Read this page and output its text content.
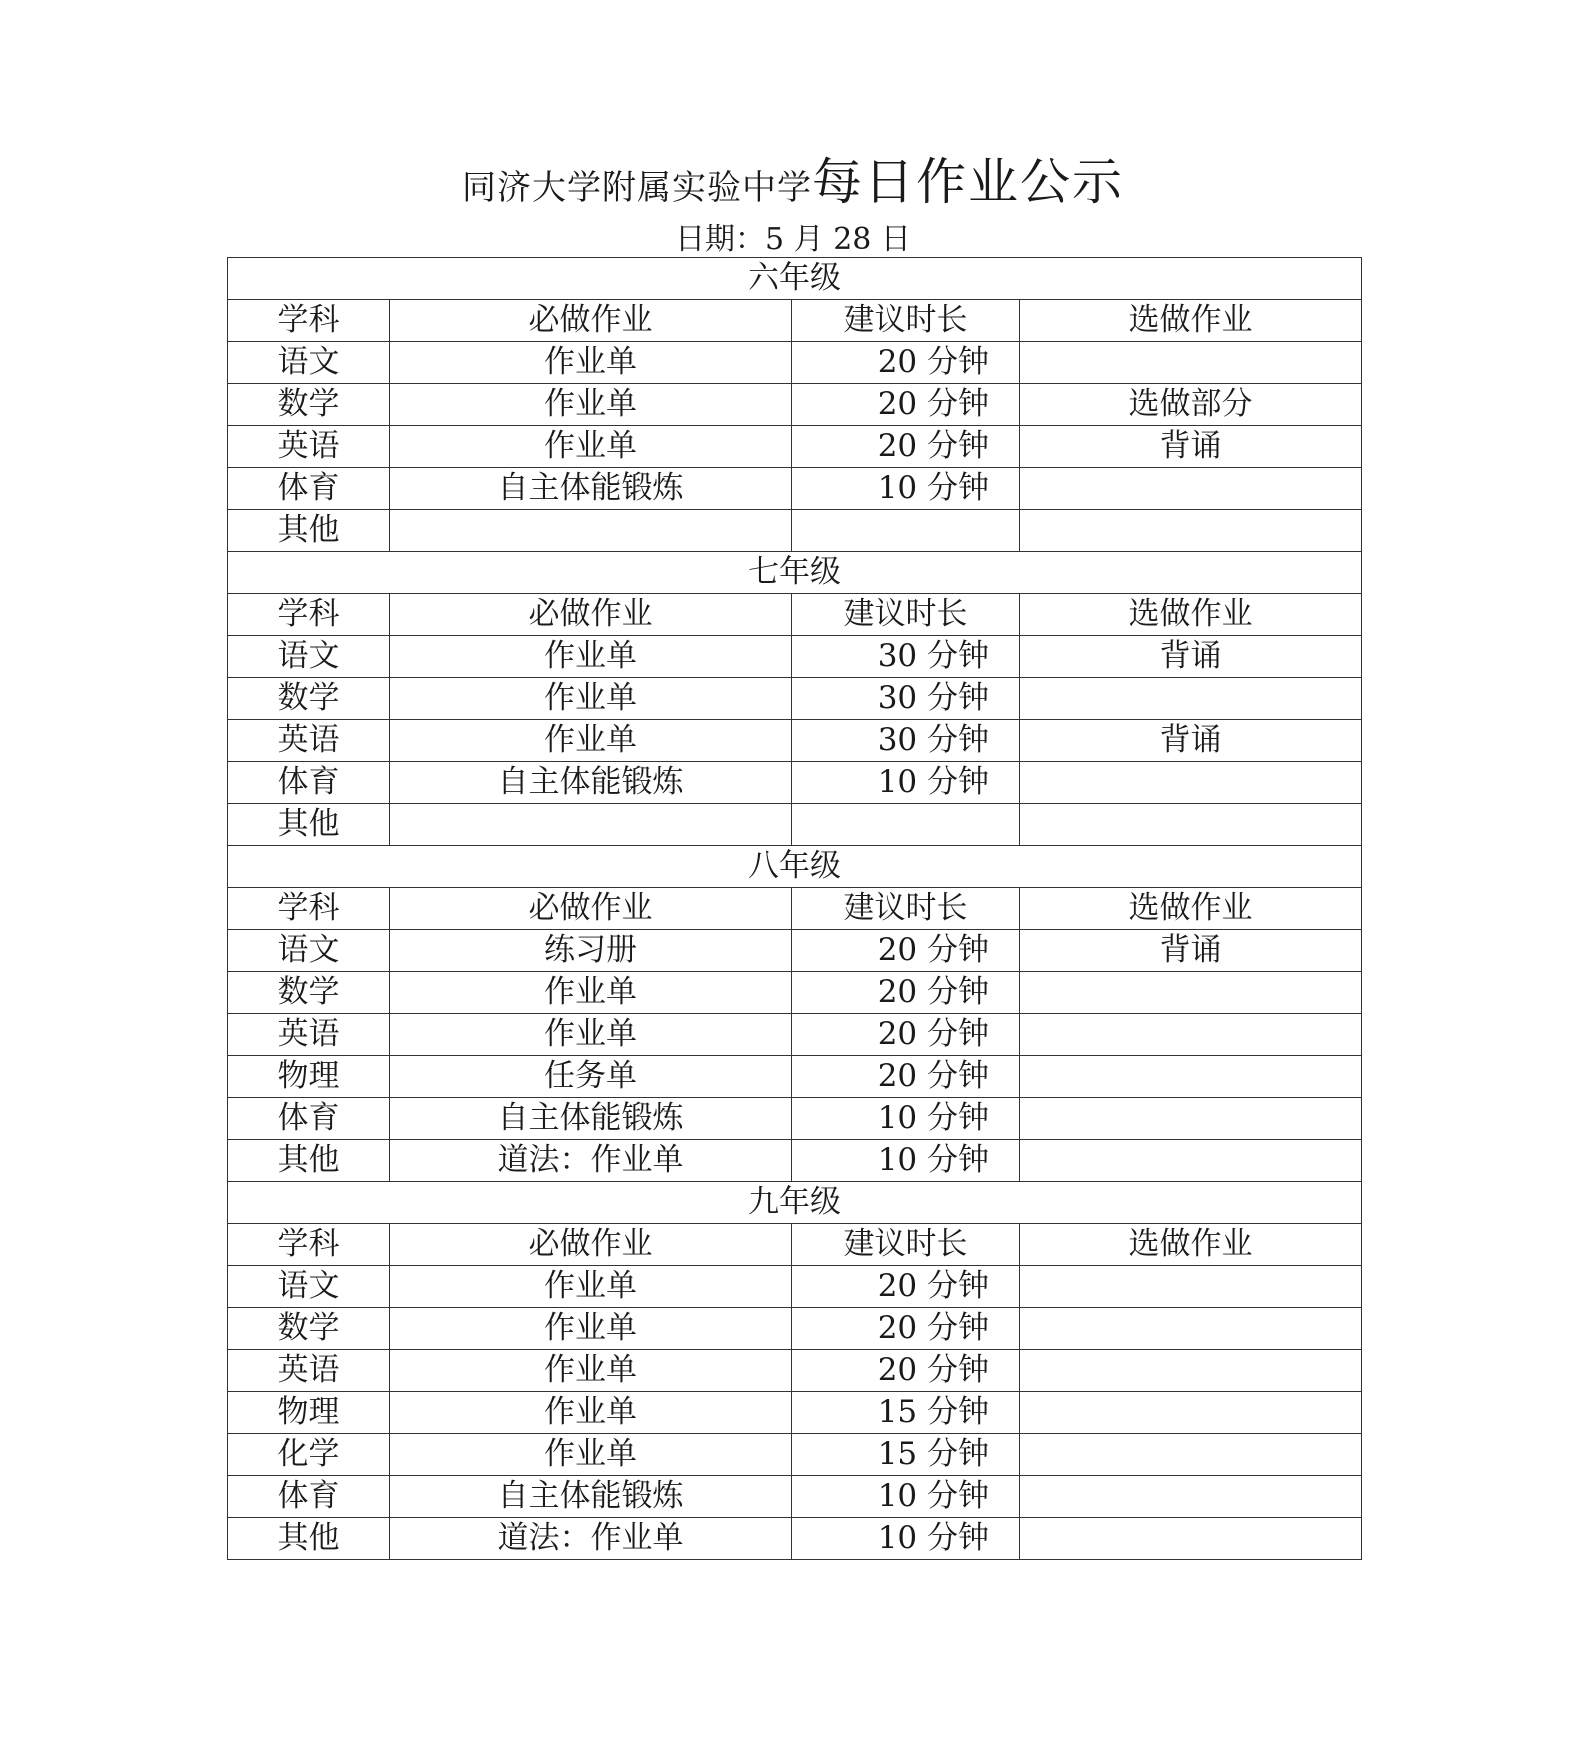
同济大学附属实验中学每日作业公示
日期：5 月 28 日
六年级			
学科	必做作业	建议时长	选做作业
语文	作业单	20 分钟	
数学	作业单	20 分钟	选做部分
英语	作业单	20 分钟	背诵
体育	自主体能锻炼	10 分钟	
其他			
七年级			
学科	必做作业	建议时长	选做作业
语文	作业单	30 分钟	背诵
数学	作业单	30 分钟	
英语	作业单	30 分钟	背诵
体育	自主体能锻炼	10 分钟	
其他			
八年级			
学科	必做作业	建议时长	选做作业
语文	练习册	20 分钟	背诵
数学	作业单	20 分钟	
英语	作业单	20 分钟	
物理	任务单	20 分钟	
体育	自主体能锻炼	10 分钟	
其他	道法：作业单	10 分钟	
九年级			
学科	必做作业	建议时长	选做作业
语文	作业单	20 分钟	
数学	作业单	20 分钟	
英语	作业单	20 分钟	
物理	作业单	15 分钟	
化学	作业单	15 分钟	
体育	自主体能锻炼	10 分钟	
其他	道法：作业单	10 分钟	
